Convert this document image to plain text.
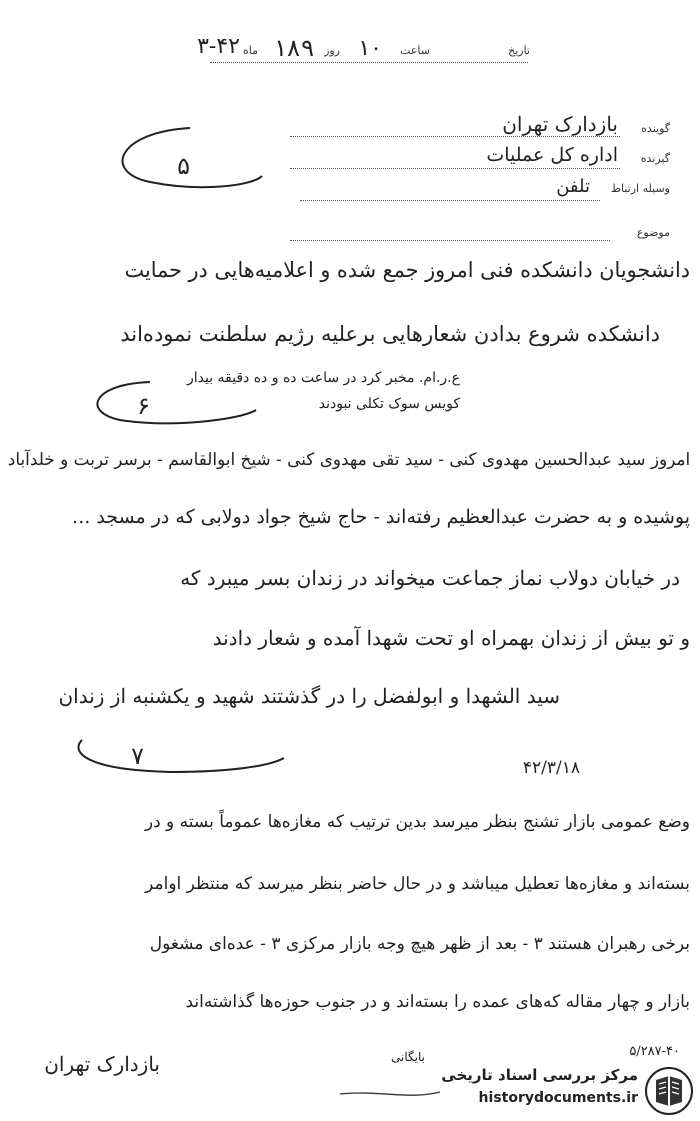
تاریخ
ساعت
۱۰
روز
۹
۱۸
ماه
۳-۴۲
گوینده
بازدارک تهران
گیرنده
اداره کل عملیات
وسیله ارتباط
تلفن
موضوع
۵
۶
۷
دانشجویان دانشکده فنی امروز جمع شده و اعلامیه‌هایی در حمایت
دانشکده شروع بدادن شعارهایی برعلیه رژیم سلطنت نموده‌اند
ع.ر.ام. مخبر کرد در ساعت ده و ده دقیقه بیدار
کویس سوک تکلی نبودند
امروز سید عبدالحسین مهدوی کنی - سید تقی مهدوی کنی - شیخ ابوالقاسم - برسر تربت و خلدآباد
پوشیده و به حضرت عبدالعظیم رفته‌اند - حاج شیخ جواد دولابی که در مسجد ...
در خیابان دولاب نماز جماعت میخواند در زندان بسر میبرد که
و تو بیش از زندان بهمراه او تحت شهدا آمده و شعار دادند
سید الشهدا و ابولفضل را در گذشتند شهید و یکشنبه از زندان
۴۲/۳/۱۸
وضع عمومی بازار تشنج بنظر میرسد بدین ترتیب که مغازه‌ها عموماً بسته و در
بسته‌اند و مغازه‌ها تعطیل میباشد و در حال حاضر بنظر میرسد که منتظر اوامر
برخی رهبران هستند ۳ - بعد از ظهر هیچ وجه بازار مرکزی ۳ - عده‌ای مشغول
بازار و چهار مقاله که‌های عمده را بسته‌اند و در جنوب حوزه‌ها گذاشته‌اند
بازدارک تهران
۵/۲۸۷-۴۰
بایگانی
مرکز بررسی اسناد تاریخی
historydocuments.ir
